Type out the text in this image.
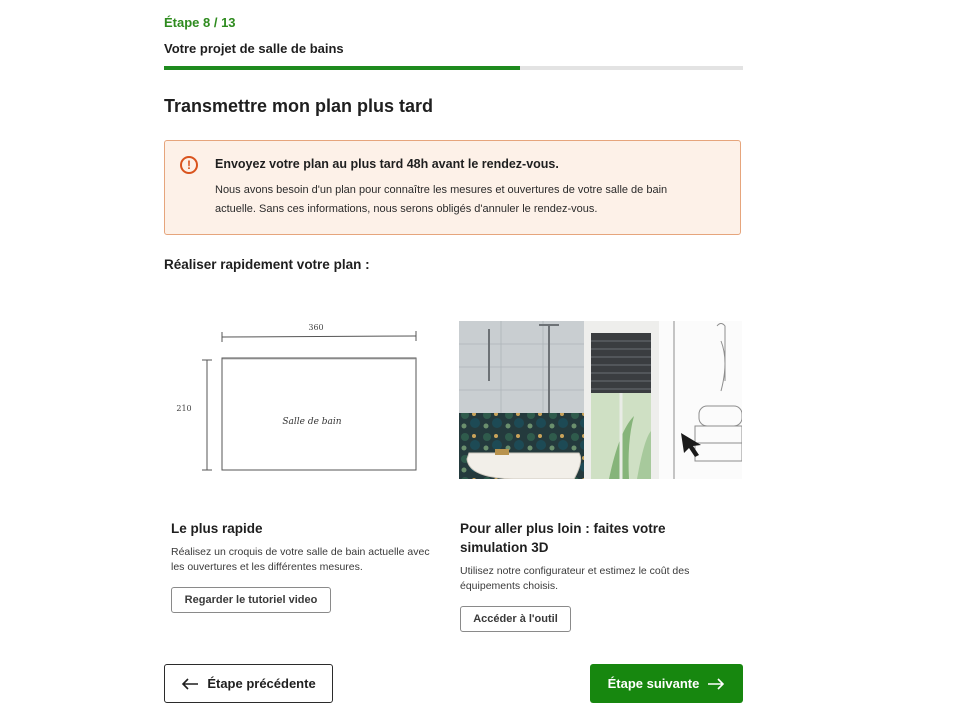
Étape 8 / 13
Votre projet de salle de bains
Transmettre mon plan plus tard
!	Envoyez votre plan au plus tard 48h avant le rendez-vous.
Nous avons besoin d'un plan pour connaître les mesures et ouvertures de votre salle de bain
actuelle. Sans ces informations, nous serons obligés d'annuler le rendez-vous.
Réaliser rapidement votre plan :
360
210
Salle de bain
Le plus rapide
Réalisez un croquis de votre salle de bain actuelle avec
les ouvertures et les différentes mesures.
Regarder le tutoriel video
Pour aller plus loin : faites votre
simulation 3D
Utilisez notre configurateur et estimez le coût des
équipements choisis.
Accéder à l'outil
Étape précédente	Étape suivante
